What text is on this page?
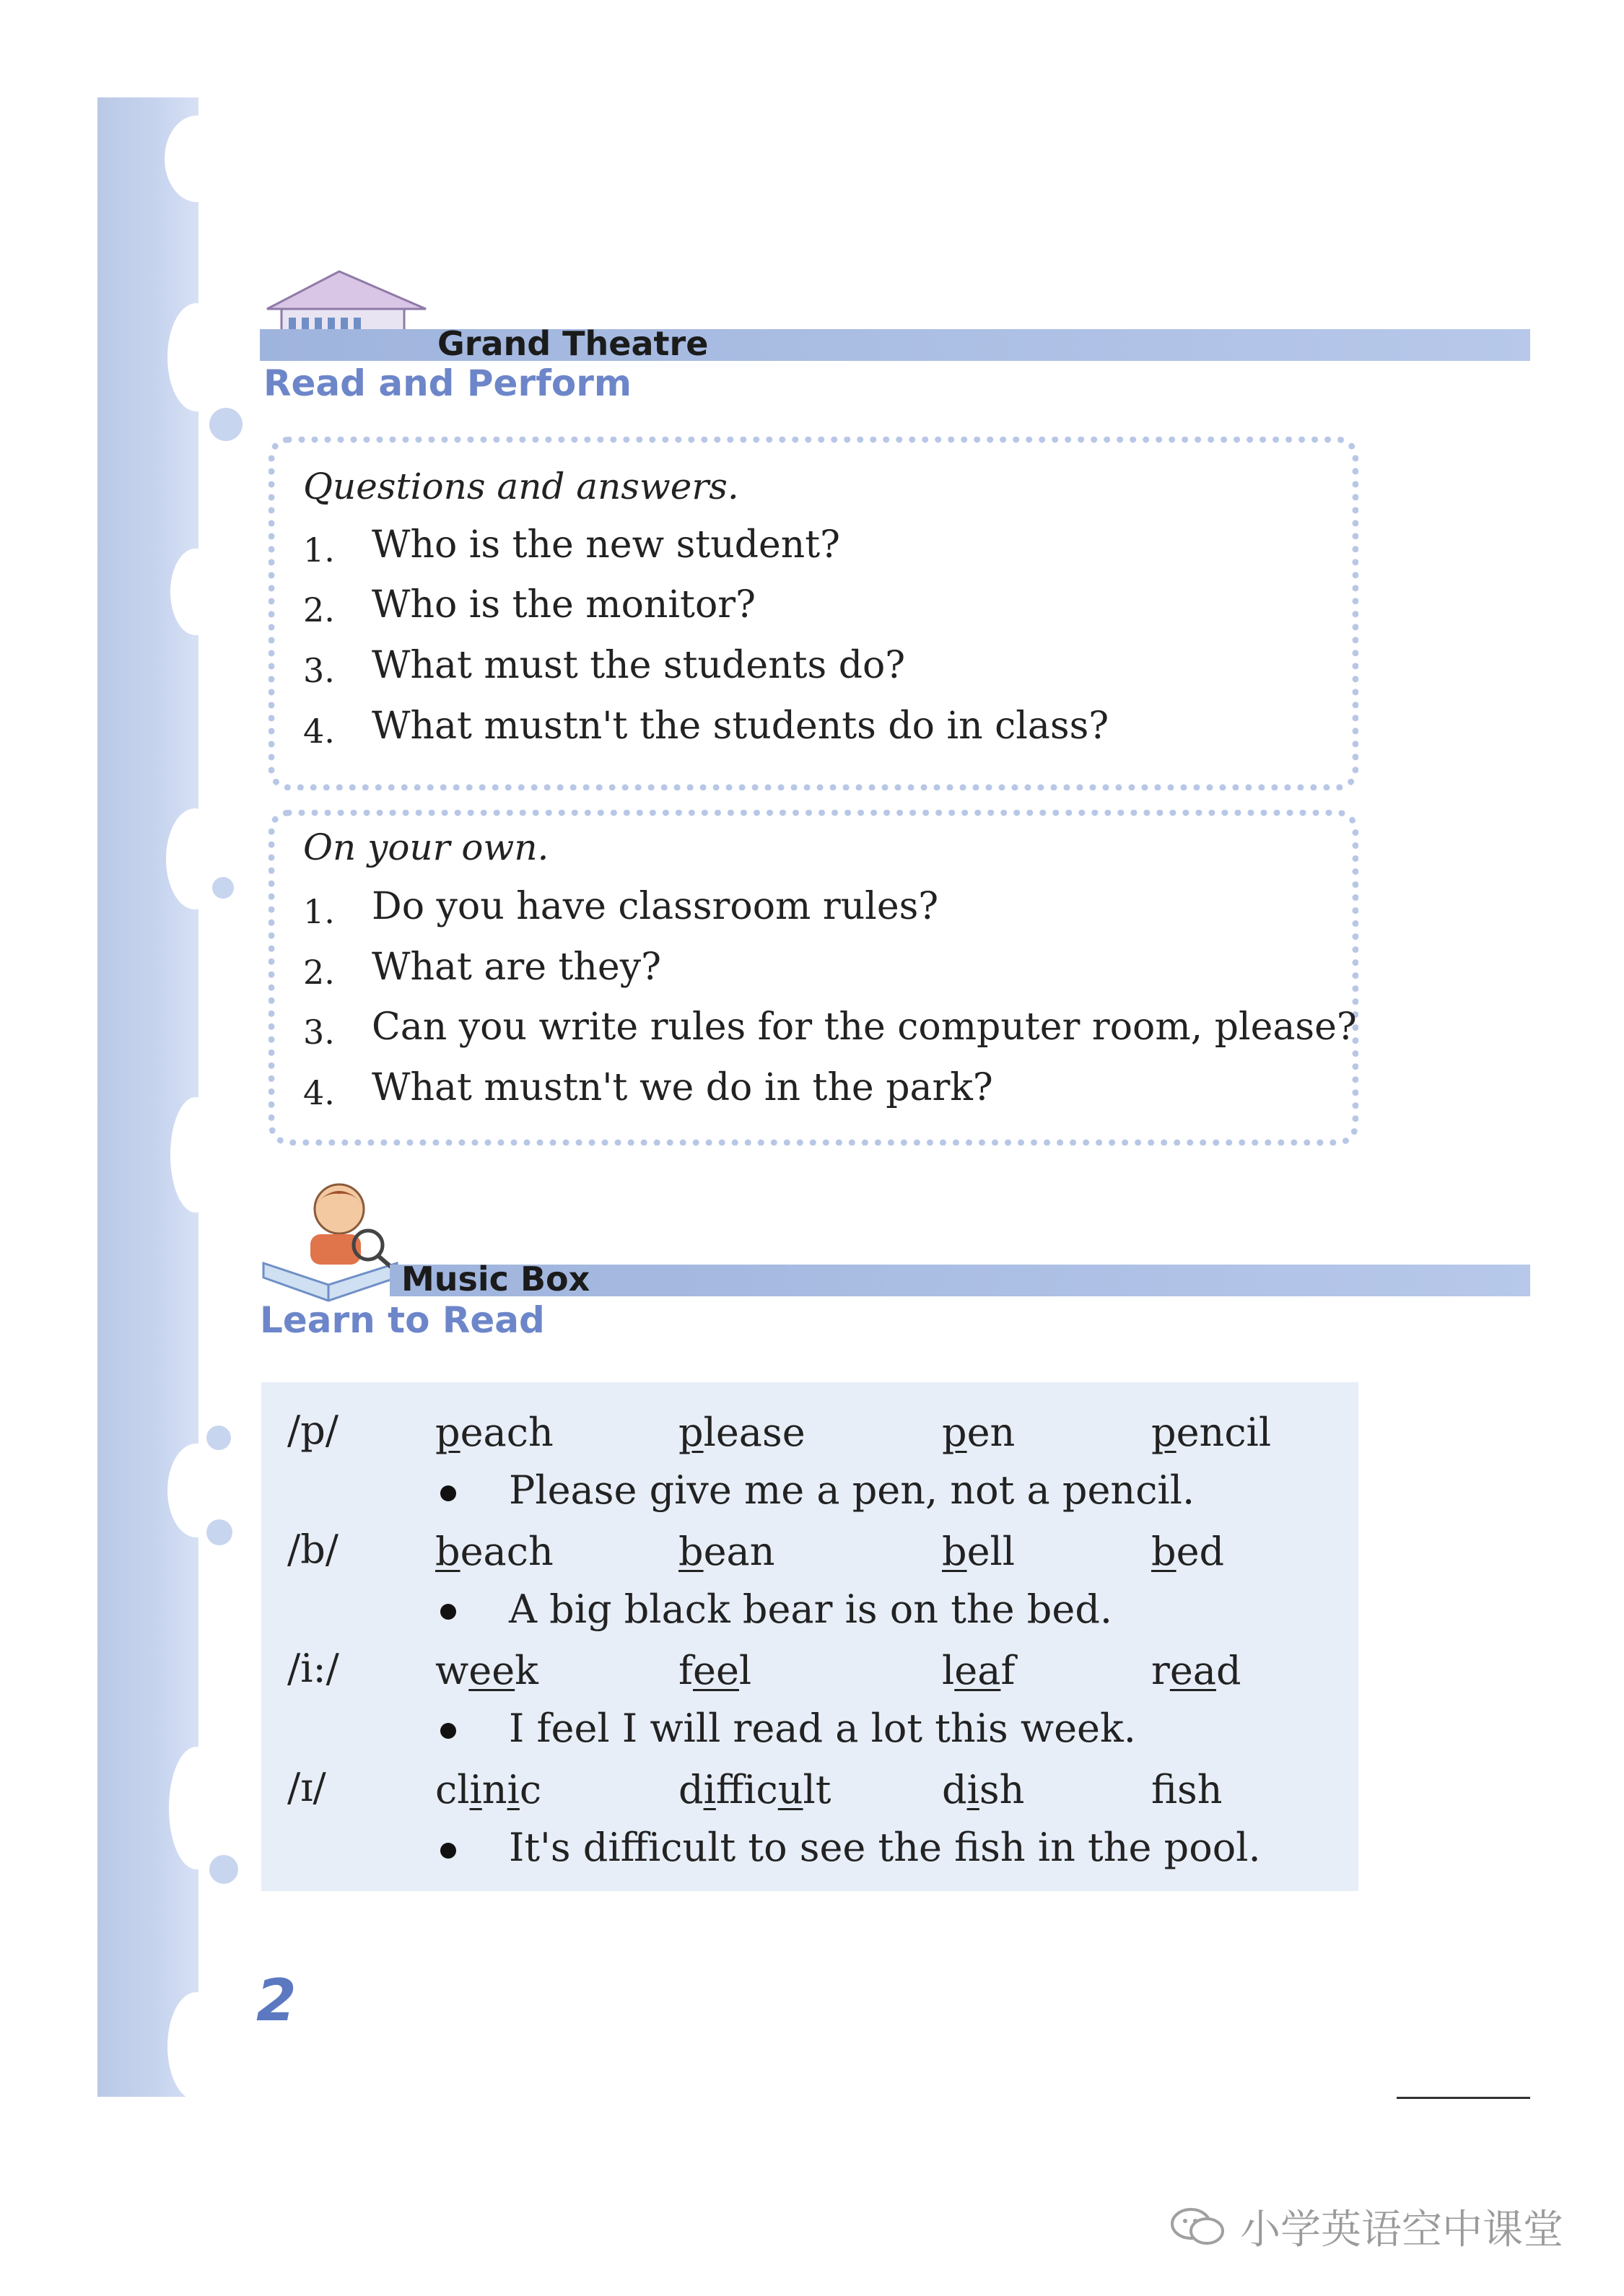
Grand Theatre
Read and Perform
Questions and answers.
1. Who is the new student?
2. Who is the monitor?
3. What must the students do?
4. What mustn't the students do in class?
On your own.
1. Do you have classroom rules?
2. What are they?
3. Can you write rules for the computer room, please?
4. What mustn't we do in the park?
Music Box
Learn to Read
/p/ peach	please	pen	pencil
Please give me a pen, not a pencil.
/b/ beach	bean	bell	bed
A big black bear is on the bed.
/i:/ week	feel	leaf	read
I feel I will read a lot this week.
/ɪ/	clinic	difficult	dish	fsh
It's difficult to see the fish in the pool.
2
小学英语空中课堂
